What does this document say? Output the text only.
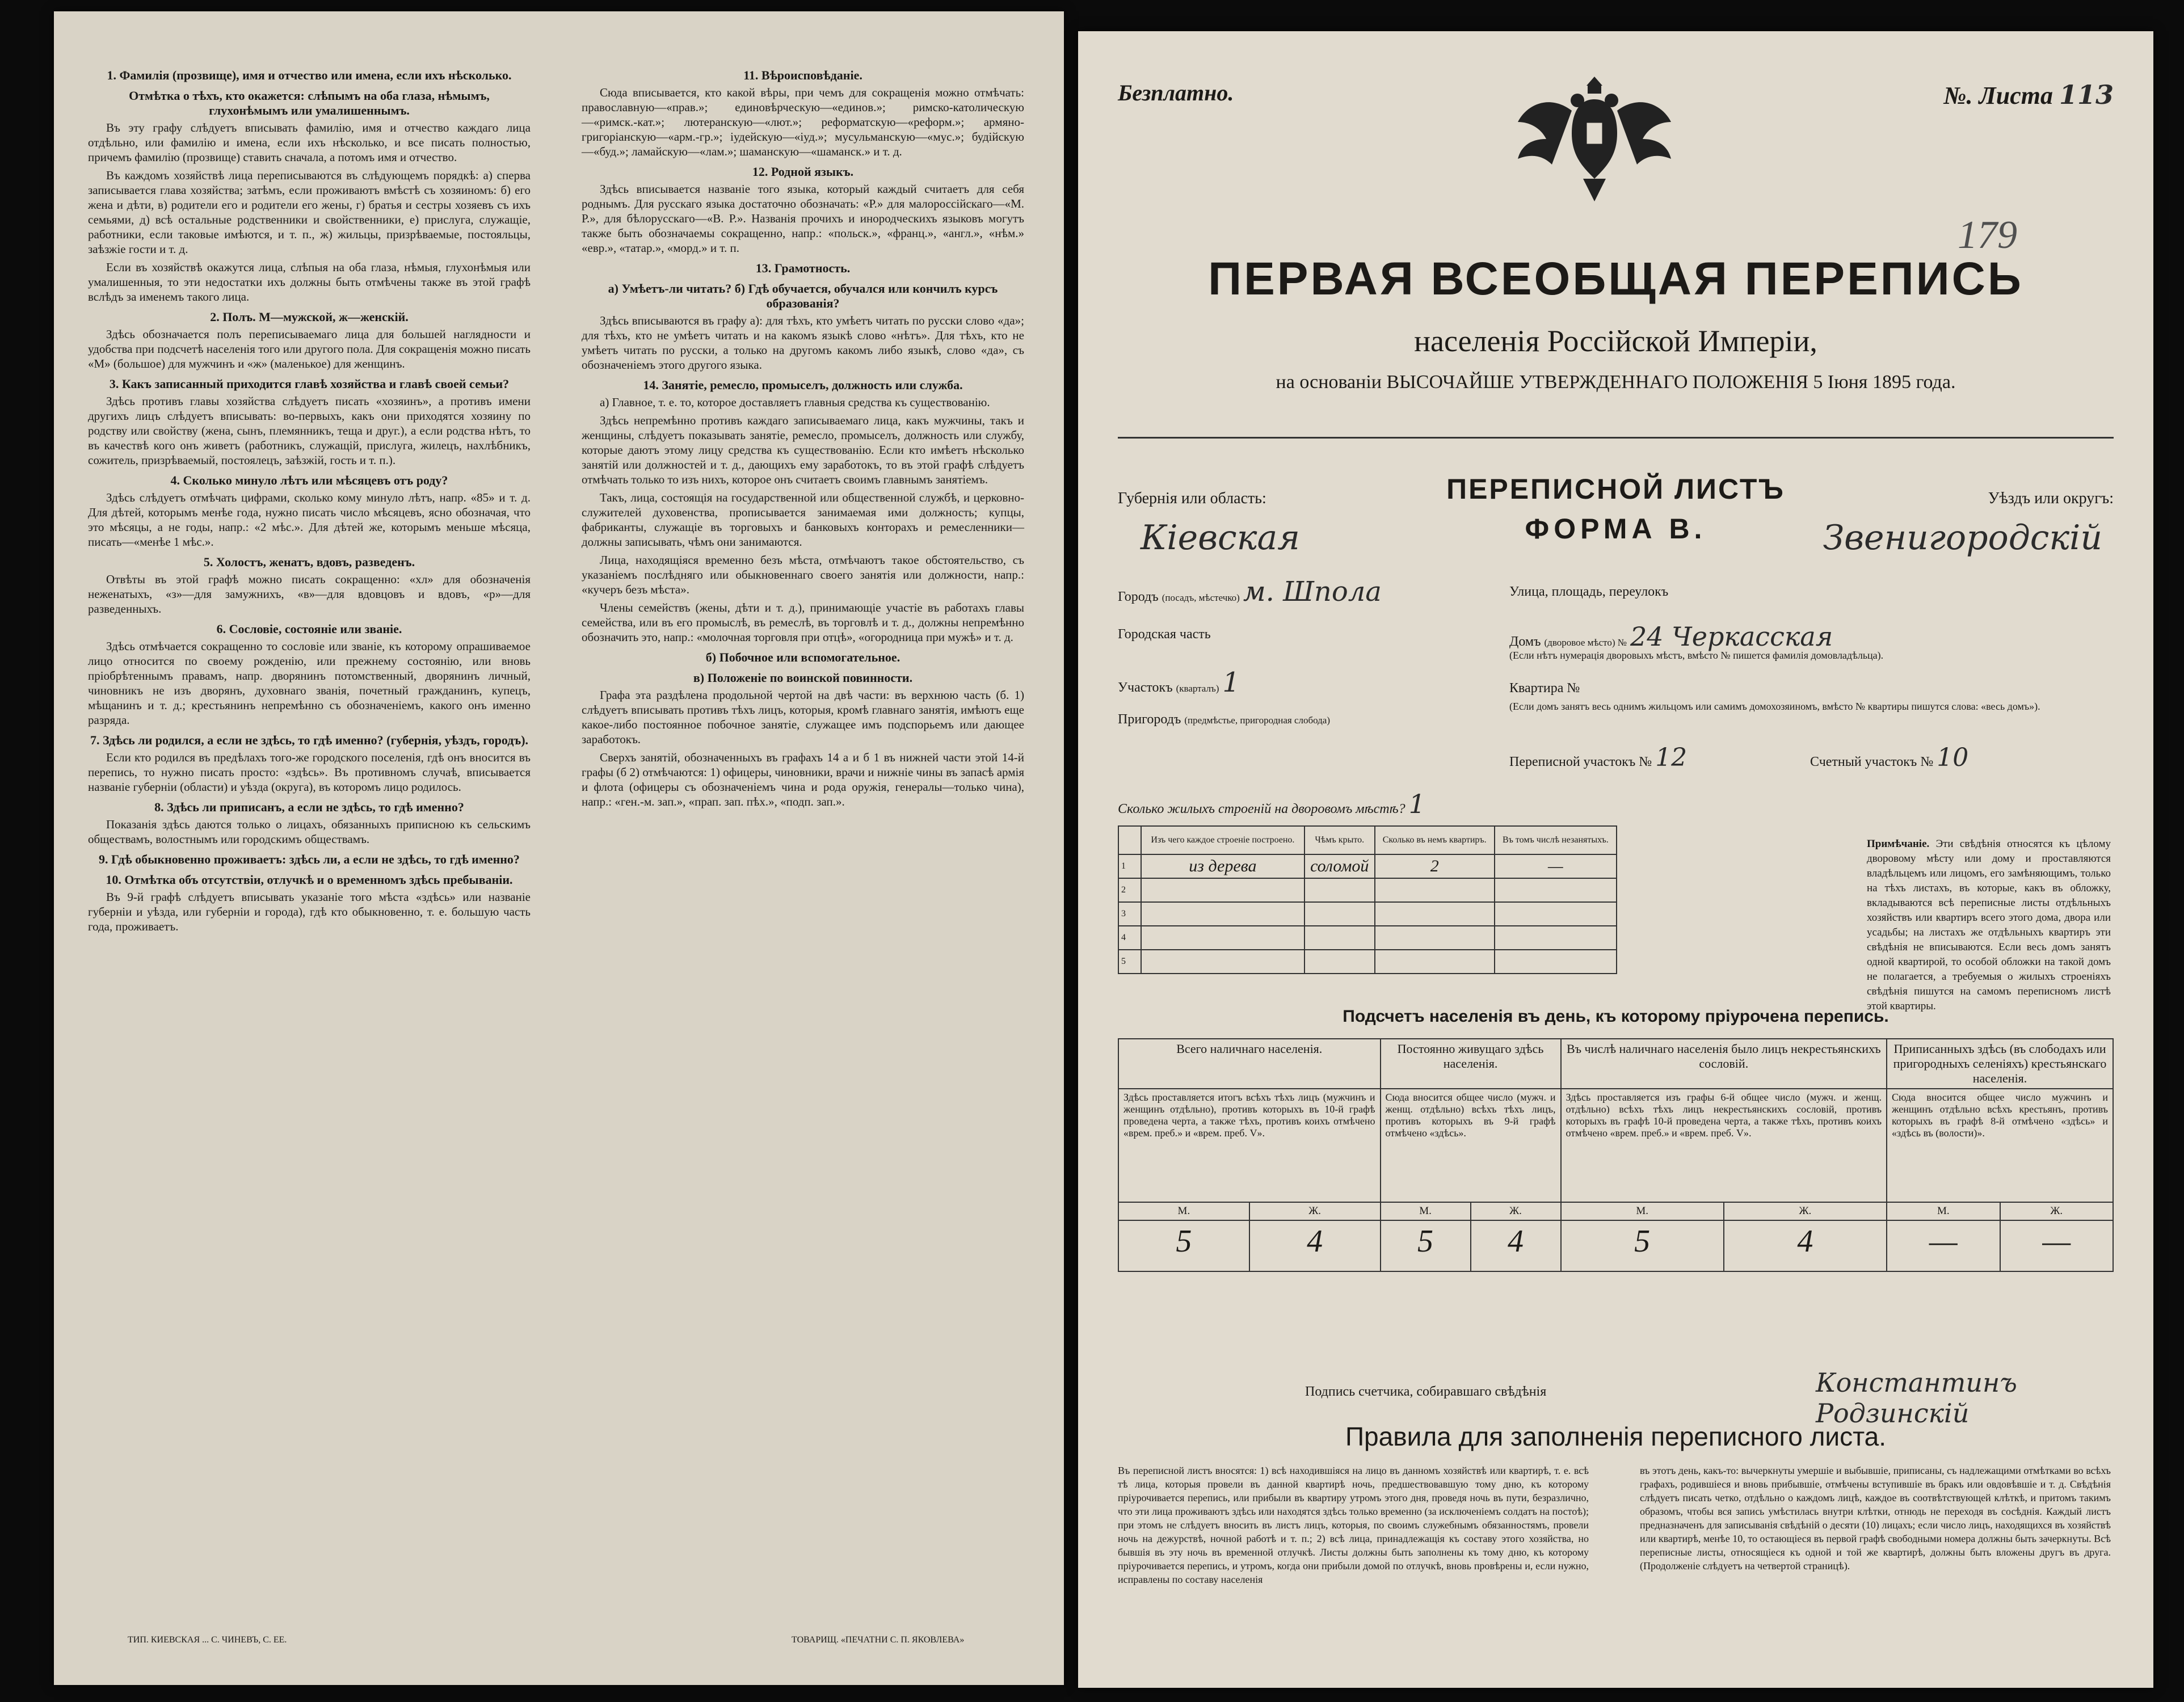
1. Фамилія (прозвище), имя и отчество или имена, если ихъ нѣсколько.
Отмѣтка о тѣхъ, кто окажется: слѣпымъ на оба глаза, нѣмымъ, глухонѣмымъ или умалишеннымъ.
Въ эту графу слѣдуетъ вписывать фамилію, имя и отчество каждаго лица отдѣльно, или фамилію и имена, если ихъ нѣсколько, и все писать полностью, причемъ фамилію (прозвище) ставить сначала, а потомъ имя и отчество.
Въ каждомъ хозяйствѣ лица переписываются въ слѣдующемъ порядкѣ: а) сперва записывается глава хозяйства; затѣмъ, если проживаютъ вмѣстѣ съ хозяиномъ: б) его жена и дѣти, в) родители его и родители его жены, г) братья и сестры хозяевъ съ ихъ семьями, д) всѣ остальные родственники и свойственники, е) прислуга, служащіе, работники, если таковые имѣются, и т. п., ж) жильцы, призрѣваемые, постояльцы, заѣзжіе гости и т. д.
Если въ хозяйствѣ окажутся лица, слѣпыя на оба глаза, нѣмыя, глухонѣмыя или умалишенныя, то эти недостатки ихъ должны быть отмѣчены также въ этой графѣ вслѣдъ за именемъ такого лица.
2. Полъ. М—мужской, ж—женскій.
Здѣсь обозначается полъ переписываемаго лица для большей наглядности и удобства при подсчетѣ населенія того или другого пола. Для сокращенія можно писать «М» (большое) для мужчинъ и «ж» (маленькое) для женщинъ.
3. Какъ записанный приходится главѣ хозяйства и главѣ своей семьи?
Здѣсь противъ главы хозяйства слѣдуетъ писать «хозяинъ», а противъ имени другихъ лицъ слѣдуетъ вписывать: во-первыхъ, какъ они приходятся хозяину по родству или свойству (жена, сынъ, племянникъ, теща и друг.), а если родства нѣтъ, то въ качествѣ кого онъ живетъ (работникъ, служащій, прислуга, жилецъ, нахлѣбникъ, сожитель, призрѣваемый, постоялецъ, заѣзжій, гость и т. п.).
4. Сколько минуло лѣтъ или мѣсяцевъ отъ роду?
Здѣсь слѣдуетъ отмѣчать цифрами, сколько кому минуло лѣтъ, напр. «85» и т. д. Для дѣтей, которымъ менѣе года, нужно писать число мѣсяцевъ, ясно обозначая, что это мѣсяцы, а не годы, напр.: «2 мѣс.». Для дѣтей же, которымъ меньше мѣсяца, писать—«менѣе 1 мѣс.».
5. Холостъ, женатъ, вдовъ, разведенъ.
Отвѣты въ этой графѣ можно писать сокращенно: «хл» для обозначенія неженатыхъ, «з»—для замужнихъ, «в»—для вдовцовъ и вдовъ, «р»—для разведенныхъ.
6. Сословіе, состояніе или званіе.
Здѣсь отмѣчается сокращенно то сословіе или званіе, къ которому опрашиваемое лицо относится по своему рожденію, или прежнему состоянію, или вновь пріобрѣтеннымъ правамъ, напр. дворянинъ потомственный, дворянинъ личный, чиновникъ не изъ дворянъ, духовнаго званія, почетный гражданинъ, купецъ, мѣщанинъ и т. д.; крестьянинъ непремѣнно съ обозначеніемъ, какого онъ именно разряда.
7. Здѣсь ли родился, а если не здѣсь, то гдѣ именно? (губернія, уѣздъ, городъ).
Если кто родился въ предѣлахъ того-же городского поселенія, гдѣ онъ вносится въ перепись, то нужно писать просто: «здѣсь». Въ противномъ случаѣ, вписывается названіе губерніи (области) и уѣзда (округа), въ которомъ лицо родилось.
8. Здѣсь ли приписанъ, а если не здѣсь, то гдѣ именно?
Показанія здѣсь даются только о лицахъ, обязанныхъ приписною къ сельскимъ обществамъ, волостнымъ или городскимъ обществамъ.
9. Гдѣ обыкновенно проживаетъ: здѣсь ли, а если не здѣсь, то гдѣ именно?
10. Отмѣтка объ отсутствіи, отлучкѣ и о временномъ здѣсь пребываніи.
Въ 9-й графѣ слѣдуетъ вписывать указаніе того мѣста «здѣсь» или названіе губерніи и уѣзда, или губерніи и города), гдѣ кто обыкновенно, т. е. большую часть года, проживаетъ.
11. Вѣроисповѣданіе.
Сюда вписывается, кто какой вѣры, при чемъ для сокращенія можно отмѣчать: православную—«прав.»; единовѣрческую—«единов.»; римско-католическую—«римск.-кат.»; лютеранскую—«лют.»; реформатскую—«реформ.»; армяно-григоріанскую—«арм.-гр.»; іудейскую—«іуд.»; мусульманскую—«мус.»; будійскую—«буд.»; ламайскую—«лам.»; шаманскую—«шаманск.» и т. д.
12. Родной языкъ.
Здѣсь вписывается названіе того языка, который каждый считаетъ для себя роднымъ. Для русскаго языка достаточно обозначать: «Р.» для малороссійскаго—«М. Р.», для бѣлорусскаго—«В. Р.». Названія прочихъ и инородческихъ языковъ могутъ также быть обозначаемы сокращенно, напр.: «польск.», «франц.», «англ.», «нѣм.» «евр.», «татар.», «морд.» и т. п.
13. Грамотность.
а) Умѣетъ-ли читать? б) Гдѣ обучается, обучался или кончилъ курсъ образованія?
Здѣсь вписываются въ графу а): для тѣхъ, кто умѣетъ читать по русски слово «да»; для тѣхъ, кто не умѣетъ читать и на какомъ языкѣ слово «нѣтъ». Для тѣхъ, кто не умѣетъ читать по русски, а только на другомъ какомъ либо языкѣ, слово «да», съ обозначеніемъ этого другого языка.
14. Занятіе, ремесло, промыселъ, должность или служба.
а) Главное, т. е. то, которое доставляетъ главныя средства къ существованію.
Здѣсь непремѣнно противъ каждаго записываемаго лица, какъ мужчины, такъ и женщины, слѣдуетъ показывать занятіе, ремесло, промыселъ, должность или службу, которые даютъ этому лицу средства къ существованію. Если кто имѣетъ нѣсколько занятій или должностей и т. д., дающихъ ему заработокъ, то въ этой графѣ слѣдуетъ отмѣчать только то изъ нихъ, которое онъ считаетъ своимъ главнымъ занятіемъ.
Такъ, лица, состоящія на государственной или общественной службѣ, и церковно-служителей духовенства, прописывается занимаемая ими должность; купцы, фабриканты, служащіе въ торговыхъ и банковыхъ конторахъ и ремесленники—должны записывать, чѣмъ они занимаются.
Лица, находящіяся временно безъ мѣста, отмѣчаютъ такое обстоятельство, съ указаніемъ послѣдняго или обыкновеннаго своего занятія или должности, напр.: «кучеръ безъ мѣста».
Члены семействъ (жены, дѣти и т. д.), принимающіе участіе въ работахъ главы семейства, или въ его промыслѣ, въ ремеслѣ, въ торговлѣ и т. д., должны непремѣнно обозначить это, напр.: «молочная торговля при отцѣ», «огородница при мужѣ» и т. д.
б) Побочное или вспомогательное.
в) Положеніе по воинской повинности.
Графа эта раздѣлена продольной чертой на двѣ части: въ верхнюю часть (б. 1) слѣдуетъ вписывать противъ тѣхъ лицъ, которыя, кромѣ главнаго занятія, имѣютъ еще какое-либо постоянное побочное занятіе, служащее имъ подспорьемъ или дающее заработокъ.
Сверхъ занятій, обозначенныхъ въ графахъ 14 а и б 1 въ нижней части этой 14-й графы (б 2) отмѣчаются: 1) офицеры, чиновники, врачи и нижніе чины въ запасѣ армія и флота (офицеры съ обозначеніемъ чина и рода оружія, генералы—только чина), напр.: «ген.-м. зап.», «прап. зап. пѣх.», «подп. зап.».
ТИП. КИЕВСКАЯ ... С. ЧИНЕВЪ, С. ЕЕ.	ТОВАРИЩ. «ПЕЧАТНИ С. П. ЯКОВЛЕВА»
Безплатно.	№. Листа 113
179
ПЕРВАЯ ВСЕОБЩАЯ ПЕРЕПИСЬ
населенія Россійской Имперіи,
на основаніи ВЫСОЧАЙШЕ УТВЕРЖДЕННАГО ПОЛОЖЕНІЯ 5 Іюня 1895 года.
Губернія или область:
Кіевская
ПЕРЕПИСНОЙ ЛИСТЪ
ФОРМА В.
Уѣздъ или округъ:
Звенигородскій
Городъ (посадъ, мѣстечко) м. Шпола
Городская часть
Участокъ (кварталъ) 1
Пригородъ (предмѣстье, пригородная слобода)
Улица, площадь, переулокъ
Домъ (дворовое мѣсто) № 24 Черкасская
(Если нѣтъ нумерація дворовыхъ мѣстъ, вмѣсто № пишется фамилія домовладѣльца).
Квартира №
(Если домъ занятъ весь однимъ жильцомъ или самимъ домохозяиномъ, вмѣсто № квартиры пишутся слова: «весь домъ»).
Переписной участокъ № 12	Счетный участокъ № 10
Сколько жилыхъ строеній на дворовомъ мѣстѣ? 1
	Изъ чего каждое строеніе построено.	Чѣмъ крыто.	Сколько въ немъ квартиръ.	Въ томъ числѣ незанятыхъ.
1	из дерева	соломой	2	—
2				
3				
4				
5				
Примѣчаніе. Эти свѣдѣнія относятся къ цѣлому дворовому мѣсту или дому и проставляются владѣльцемъ или лицомъ, его замѣняющимъ, только на тѣхъ листахъ, въ которые, какъ въ обложку, вкладываются всѣ переписные листы отдѣльныхъ хозяйствъ или квартиръ всего этого дома, двора или усадьбы; на листахъ же отдѣльныхъ квартиръ эти свѣдѣнія не вписываются. Если весь домъ занятъ одной квартирой, то особой обложки на такой домъ не полагается, а требуемыя о жилыхъ строеніяхъ свѣдѣнія пишутся на самомъ переписномъ листѣ этой квартиры.
Подсчетъ населенія въ день, къ которому пріурочена перепись.
Всего наличнаго населенія.		Постоянно живущаго здѣсь населенія.		Въ числѣ наличнаго населенія было лицъ некрестьянскихъ сословій.		Приписанныхъ здѣсь (въ слободахъ или пригородныхъ селеніяхъ) крестьянскаго населенія.	
Здѣсь проставляется итогъ всѣхъ тѣхъ лицъ (мужчинъ и женщинъ отдѣльно), противъ которыхъ въ 10-й графѣ проведена черта, а также тѣхъ, противъ коихъ отмѣчено «врем. преб.» и «врем. преб. V».		Сюда вносится общее число (мужч. и женщ. отдѣльно) всѣхъ тѣхъ лицъ, противъ которыхъ въ 9-й графѣ отмѣчено «здѣсь».		Здѣсь проставляется изъ графы 6-й общее число (мужч. и женщ. отдѣльно) всѣхъ тѣхъ лицъ некрестьянскихъ сословій, противъ которыхъ въ графѣ 10-й проведена черта, а также тѣхъ, противъ коихъ отмѣчено «врем. преб.» и «врем. преб. V».		Сюда вносится общее число мужчинъ и женщинъ отдѣльно всѣхъ крестьянъ, противъ которыхъ въ графѣ 8-й отмѣчено «здѣсь» и «здѣсь въ (волости)».	
М.	Ж.	М.	Ж.	М.	Ж.	М.	Ж.
5	4	5	4	5	4	—	—
Подпись счетчика, собиравшаго свѣдѣнія	Константинъ Родзинскій
Правила для заполненія переписного листа.
Въ переписной листъ вносятся: 1) всѣ находившіяся на лицо въ данномъ хозяйствѣ или квартирѣ, т. е. всѣ тѣ лица, которыя провели въ данной квартирѣ ночь, предшествовавшую тому дню, къ которому пріурочивается перепись, или прибыли въ квартиру утромъ этого дня, проведя ночь въ пути, безразлично, что эти лица проживаютъ здѣсь или находятся здѣсь только временно (за исключеніемъ солдатъ на постоѣ); при этомъ не слѣдуетъ вносить въ листъ лицъ, которыя, по своимъ служебнымъ обязанностямъ, провели ночь на дежурствѣ, ночной работѣ и т. п.; 2) всѣ лица, принадлежащія къ составу этого хозяйства, но бывшія въ эту ночь въ временной отлучкѣ. Листы должны быть заполнены къ тому дню, къ которому пріурочивается перепись, и утромъ, когда они прибыли домой по отлучкѣ, вновь провѣрены и, если нужно, исправлены по составу населенія
въ этотъ день, какъ-то: вычеркнуты умершіе и выбывшіе, приписаны, съ надлежащими отмѣтками во всѣхъ графахъ, родившіеся и вновь прибывшіе, отмѣчены вступившіе въ бракъ или овдовѣвшіе и т. д. Свѣдѣнія слѣдуетъ писать четко, отдѣльно о каждомъ лицѣ, каждое въ соотвѣтствующей клѣткѣ, и притомъ такимъ образомъ, чтобы вся запись умѣстилась внутри клѣтки, отнюдь не переходя въ сосѣднія. Каждый листъ предназначенъ для записыванія свѣдѣній о десяти (10) лицахъ; если число лицъ, находящихся въ хозяйствѣ или квартирѣ, менѣе 10, то остающіеся въ первой графѣ свободными номера должны быть зачеркнуты. Всѣ переписные листы, относящіеся къ одной и той же квартирѣ, должны быть вложены другъ въ друга. (Продолженіе слѣдуетъ на четвертой страницѣ).
